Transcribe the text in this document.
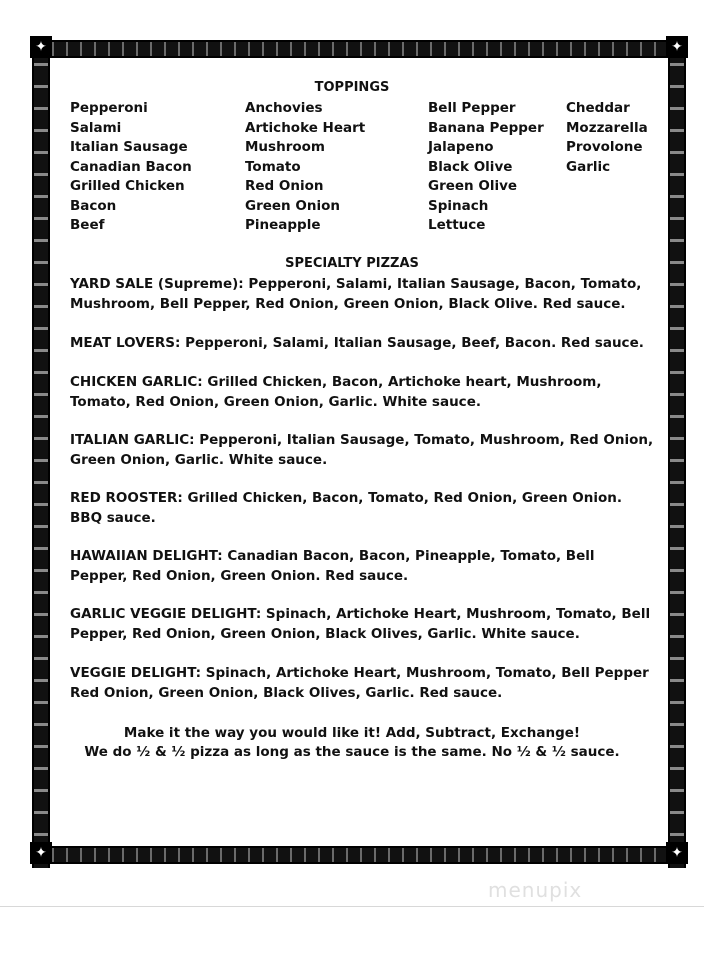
✦	✦
✦	✦
TOPPINGS
Pepperoni
Salami
Italian Sausage
Canadian Bacon
Grilled Chicken
Bacon
Beef
Anchovies
Artichoke Heart
Mushroom
Tomato
Red Onion
Green Onion
Pineapple
Bell Pepper
Banana Pepper
Jalapeno
Black Olive
Green Olive
Spinach
Lettuce
Cheddar
Mozzarella
Provolone
Garlic
SPECIALTY PIZZAS
YARD SALE (Supreme): Pepperoni, Salami, Italian Sausage, Bacon, Tomato,
Mushroom, Bell Pepper, Red Onion, Green Onion, Black Olive. Red sauce.
MEAT LOVERS: Pepperoni, Salami, Italian Sausage, Beef, Bacon. Red sauce.
CHICKEN GARLIC: Grilled Chicken, Bacon, Artichoke heart, Mushroom,
Tomato, Red Onion, Green Onion, Garlic. White sauce.
ITALIAN GARLIC: Pepperoni, Italian Sausage, Tomato, Mushroom, Red Onion,
Green Onion, Garlic. White sauce.
RED ROOSTER: Grilled Chicken, Bacon, Tomato, Red Onion, Green Onion.
BBQ sauce.
HAWAIIAN DELIGHT: Canadian Bacon, Bacon, Pineapple, Tomato, Bell
Pepper, Red Onion, Green Onion. Red sauce.
GARLIC VEGGIE DELIGHT: Spinach, Artichoke Heart, Mushroom, Tomato, Bell
Pepper, Red Onion, Green Onion, Black Olives, Garlic. White sauce.
VEGGIE DELIGHT: Spinach, Artichoke Heart, Mushroom, Tomato, Bell Pepper
Red Onion, Green Onion, Black Olives, Garlic. Red sauce.
Make it the way you would like it! Add, Subtract, Exchange!
We do ½ & ½ pizza as long as the sauce is the same. No ½ & ½ sauce.
menupix
